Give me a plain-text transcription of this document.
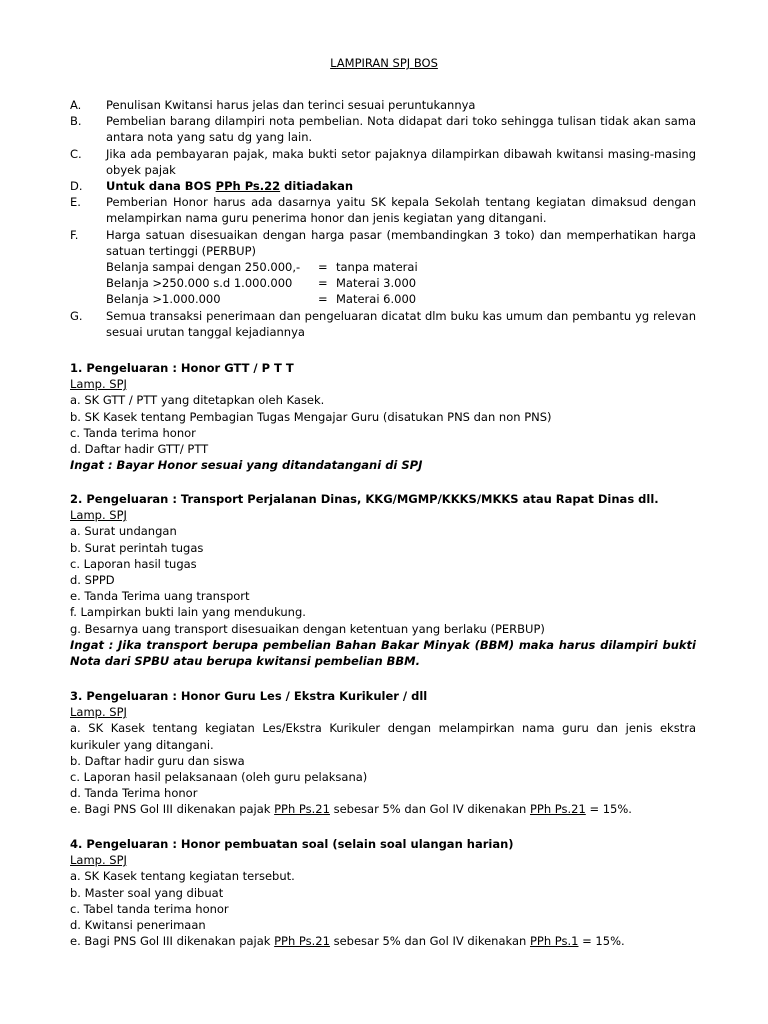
LAMPIRAN SPJ BOS
A.	Penulisan Kwitansi harus jelas dan terinci sesuai peruntukannya
B.	Pembelian barang dilampiri nota pembelian. Nota didapat dari toko sehingga tulisan tidak akan sama antara nota yang satu dg yang lain.
C.	Jika ada pembayaran pajak, maka bukti setor pajaknya dilampirkan dibawah kwitansi masing-masing obyek pajak
D.	Untuk dana BOS PPh Ps.22 ditiadakan
E.	Pemberian Honor harus ada dasarnya yaitu SK kepala Sekolah tentang kegiatan dimaksud dengan melampirkan nama guru penerima honor dan jenis kegiatan yang ditangani.
F.	Harga satuan disesuaikan dengan harga pasar (membandingkan 3 toko) dan memperhatikan harga satuan tertinggi (PERBUP)
Belanja sampai dengan 250.000,-	= tanpa materai
Belanja >250.000 s.d 1.000.000	= Materai 3.000
Belanja >1.000.000	= Materai 6.000
G.	Semua transaksi penerimaan dan pengeluaran dicatat dlm buku kas umum dan pembantu yg relevan sesuai urutan tanggal kejadiannya
1. Pengeluaran : Honor GTT / P T T
Lamp. SPJ
a. SK GTT / PTT yang ditetapkan oleh Kasek.
b. SK Kasek tentang Pembagian Tugas Mengajar Guru (disatukan PNS dan non PNS)
c. Tanda terima honor
d. Daftar hadir GTT/ PTT
Ingat : Bayar Honor sesuai yang ditandatangani di SPJ
2. Pengeluaran : Transport Perjalanan Dinas, KKG/MGMP/KKKS/MKKS atau Rapat Dinas dll.
Lamp. SPJ
a. Surat undangan
b. Surat perintah tugas
c. Laporan hasil tugas
d. SPPD
e. Tanda Terima uang transport
f. Lampirkan bukti lain yang mendukung.
g. Besarnya uang transport disesuaikan dengan ketentuan yang berlaku (PERBUP)
Ingat : Jika transport berupa pembelian Bahan Bakar Minyak (BBM) maka harus dilampiri bukti Nota dari SPBU atau berupa kwitansi pembelian BBM.
3. Pengeluaran : Honor Guru Les / Ekstra Kurikuler / dll
Lamp. SPJ
a. SK Kasek tentang kegiatan Les/Ekstra Kurikuler dengan melampirkan nama guru dan jenis ekstra kurikuler yang ditangani.
b. Daftar hadir guru dan siswa
c. Laporan hasil pelaksanaan (oleh guru pelaksana)
d. Tanda Terima honor
e. Bagi PNS Gol III dikenakan pajak PPh Ps.21 sebesar 5% dan Gol IV dikenakan PPh Ps.21 = 15%.
4. Pengeluaran : Honor pembuatan soal (selain soal ulangan harian)
Lamp. SPJ
a. SK Kasek tentang kegiatan tersebut.
b. Master soal yang dibuat
c. Tabel tanda terima honor
d. Kwitansi penerimaan
e. Bagi PNS Gol III dikenakan pajak PPh Ps.21 sebesar 5% dan Gol IV dikenakan PPh Ps.1 = 15%.
